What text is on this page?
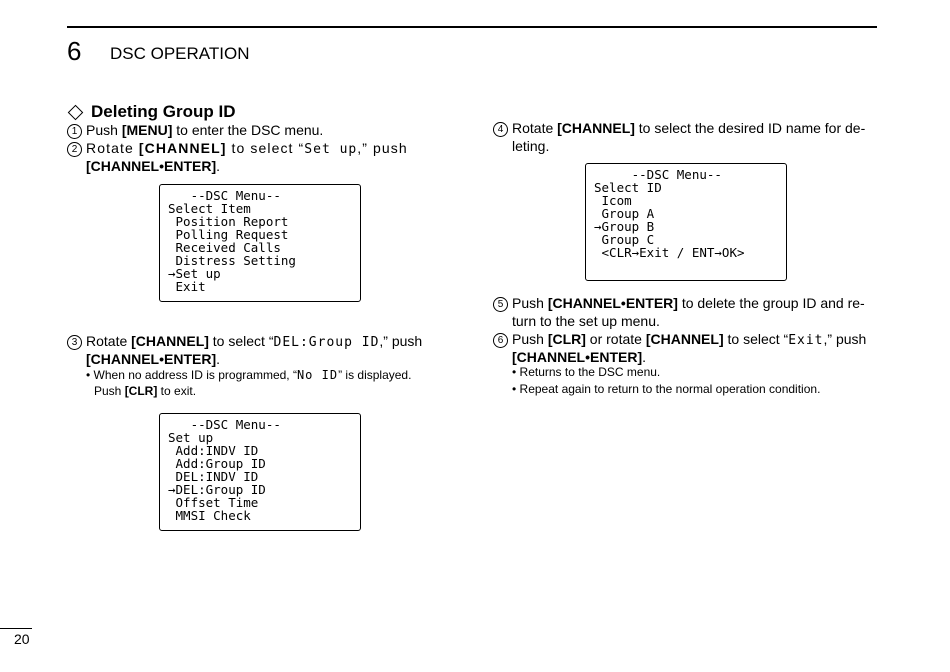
6 DSC OPERATION
Deleting Group ID
1 Push [MENU] to enter the DSC menu.
2 Rotate [CHANNEL] to select “Set up,” push
[CHANNEL•ENTER].
--DSC Menu--
Select Item
Position Report
Polling Request
Received Calls
Distress Setting
→Set up
Exit
3 Rotate [CHANNEL] to select “DEL:Group ID,” push
[CHANNEL•ENTER].
• When no address ID is programmed, “No ID” is displayed.
Push [CLR] to exit.
--DSC Menu--
Set up
Add:INDV ID
Add:Group ID
DEL:INDV ID
→DEL:Group ID
Offset Time
MMSI Check
4 Rotate [CHANNEL] to select the desired ID name for de-
leting.
--DSC Menu--
Select ID
Icom
Group A
→Group B
Group C
<CLR→Exit / ENT→OK>
5 Push [CHANNEL•ENTER] to delete the group ID and re-
turn to the set up menu.
6 Push [CLR] or rotate [CHANNEL] to select “Exit,” push
[CHANNEL•ENTER].
• Returns to the DSC menu.
• Repeat again to return to the normal operation condition.
20
